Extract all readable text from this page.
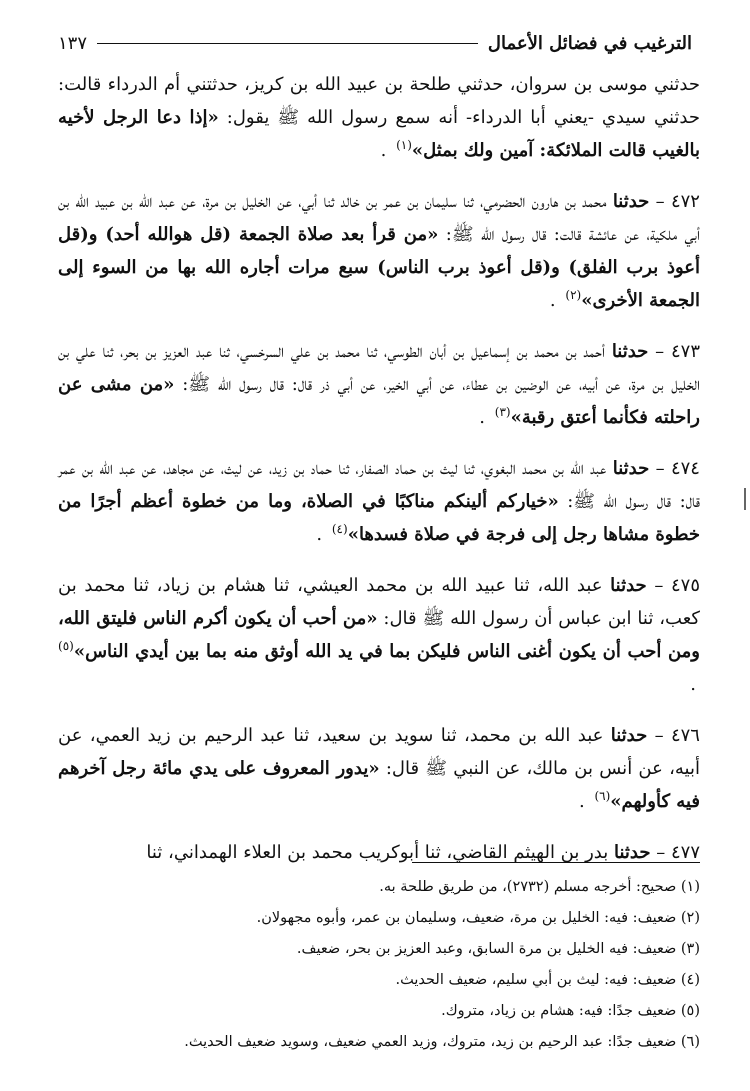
الترغيب في فضائل الأعمال
١٣٧

حدثني موسى بن سروان، حدثني طلحة بن عبيد الله بن كريز، حدثتني أم الدرداء قالت: حدثني سيدي -يعني أبا الدرداء- أنه سمع رسول الله ﷺ يقول: «إذا دعا الرجل لأخيه بالغيب قالت الملائكة: آمين ولك بمثل»$^{(١)}$ .

٤٧٢ – حدثنا محمد بن هارون الحضرمي، ثنا سليمان بن عمر بن خالد ثنا أبي، عن الخليل بن مرة، عن عبد الله بن عبيد الله بن أبي ملكية، عن عائشة قالت: قال رسول الله ﷺ: «من قرأ بعد صلاة الجمعة (قل هوالله أحد) و(قل أعوذ برب الفلق) و(قل أعوذ برب الناس) سبع مرات أجاره الله بها من السوء إلى الجمعة الأخرى»$^{(٢)}$ .

٤٧٣ – حدثنا أحمد بن محمد بن إسماعيل بن أبان الطوسي، ثنا محمد بن علي السرخسي، ثنا عبد العزيز بن بحر، ثنا علي بن الخليل بن مرة، عن أبيه، عن الوضين بن عطاء، عن أبي الخير، عن أبي ذر قال: قال رسول الله ﷺ: «من مشى عن راحلته فكأنما أعتق رقبة»$^{(٣)}$ .

٤٧٤ – حدثنا عبد الله بن محمد البغوي، ثنا ليث بن حماد الصفار، ثنا حماد بن زيد، عن ليث، عن مجاهد، عن عبد الله بن عمر قال: قال رسول الله ﷺ: «خياركم ألينكم مناكبًا في الصلاة، وما من خطوة أعظم أجرًا من خطوة مشاها رجل إلى فرجة في صلاة فسدها»$^{(٤)}$ .

٤٧٥ – حدثنا عبد الله، ثنا عبيد الله بن محمد العيشي، ثنا هشام بن زياد، ثنا محمد بن كعب، ثنا ابن عباس أن رسول الله ﷺ قال: «من أحب أن يكون أكرم الناس فليتق الله، ومن أحب أن يكون أغنى الناس فليكن بما في يد الله أوثق منه بما بين أيدي الناس»$^{(٥)}$ .

٤٧٦ – حدثنا عبد الله بن محمد، ثنا سويد بن سعيد، ثنا عبد الرحيم بن زيد العمي، عن أبيه، عن أنس بن مالك، عن النبي ﷺ قال: «يدور المعروف على يدي مائة رجل آخرهم فيه كأولهم»$^{(٦)}$ .

٤٧٧ – حدثنا بدر بن الهيثم القاضي، ثنا أبوكريب محمد بن العلاء الهمداني، ثنا

(١) صحيح: أخرجه مسلم (٢٧٣٢)، من طريق طلحة به.

(٢) ضعيف: فيه: الخليل بن مرة، ضعيف، وسليمان بن عمر، وأبوه مجهولان.

(٣) ضعيف: فيه الخليل بن مرة السابق، وعبد العزيز بن بحر، ضعيف.

(٤) ضعيف: فيه: ليث بن أبي سليم، ضعيف الحديث.

(٥) ضعيف جدًا: فيه: هشام بن زياد، متروك.

(٦) ضعيف جدًا: عبد الرحيم بن زيد، متروك، وزيد العمي ضعيف، وسويد ضعيف الحديث.
